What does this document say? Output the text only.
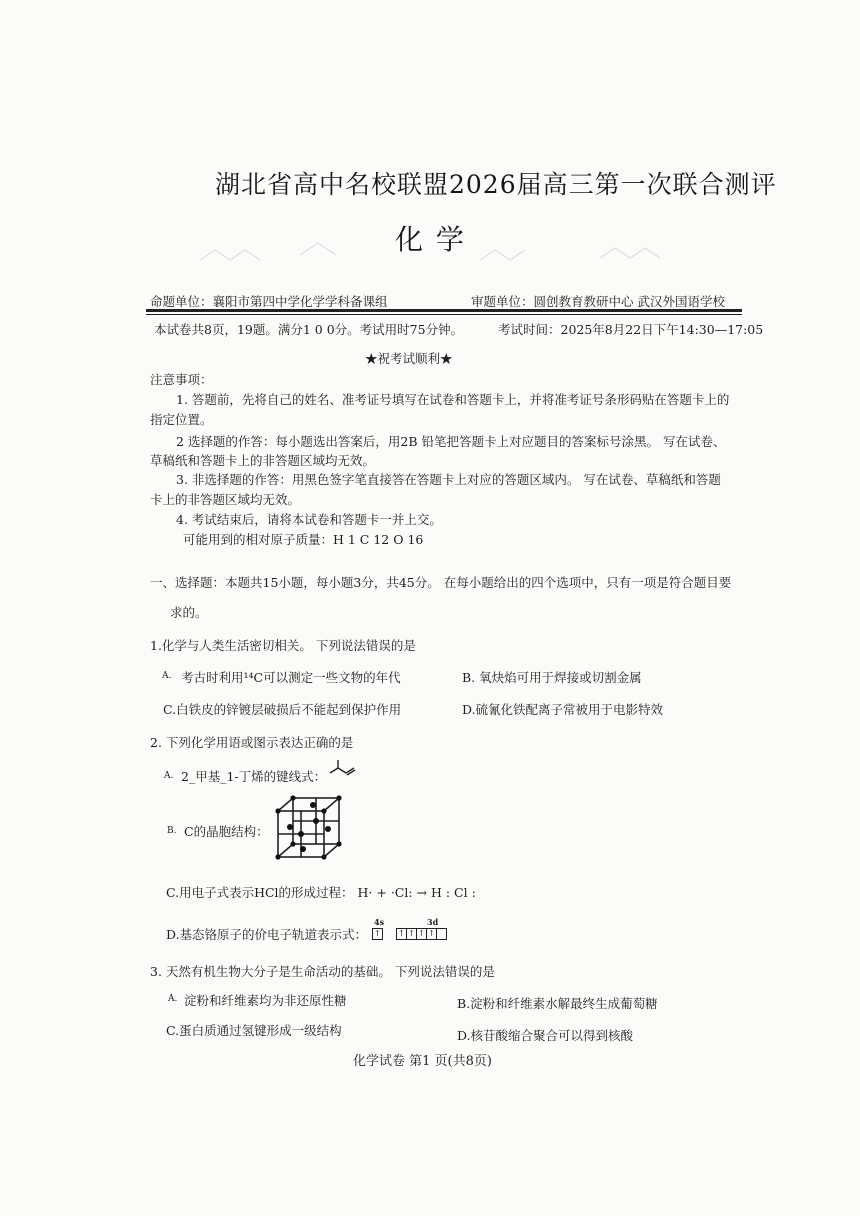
湖北省高中名校联盟2026届高三第一次联合测评
化 学
命题单位：襄阳市第四中学化学学科备课组	审题单位：圆创教育教研中心 武汉外国语学校
本试卷共8页，19题。满分1 0 0分。考试用时75分钟。	考试时间：2025年8月22日下午14:30—17:05
★祝考试顺利★
注意事项：
1. 答题前，先将自己的姓名、准考证号填写在试卷和答题卡上，并将准考证号条形码贴在答题卡上的
指定位置。
2 选择题的作答：每小题选出答案后，用2B 铅笔把答题卡上对应题目的答案标号涂黑。 写在试卷、
草稿纸和答题卡上的非答题区域均无效。
3. 非选择题的作答：用黑色签字笔直接答在答题卡上对应的答题区域内。 写在试卷、草稿纸和答题
卡上的非答题区域均无效。
4. 考试结束后，请将本试卷和答题卡一并上交。
可能用到的相对原子质量：H 1 C 12 O 16
一、选择题：本题共15小题，每小题3分，共45分。 在每小题给出的四个选项中，只有一项是符合题目要
求的。
1.化学与人类生活密切相关。 下列说法错误的是
A. 考古时利用¹⁴C可以测定一些文物的年代	B. 氧炔焰可用于焊接或切割金属
C.白铁皮的锌镀层破损后不能起到保护作用	D.硫氰化铁配离子常被用于电影特效
2. 下列化学用语或图示表达正确的是
A. 2_甲基_1-丁烯的键线式：
B. C的晶胞结构：
C.用电子式表示HCl的形成过程： H· + ·Cl: → H : Cl :
D.基态铬原子的价电子轨道表示式：
4s	3d
↑ ↑ ↑ ↑ ↑
3. 天然有机生物大分子是生命活动的基础。 下列说法错误的是
A. 淀粉和纤维素均为非还原性糖	B.淀粉和纤维素水解最终生成葡萄糖
C.蛋白质通过氢键形成一级结构	D.核苷酸缩合聚合可以得到核酸
化学试卷 第1 页(共8页)
